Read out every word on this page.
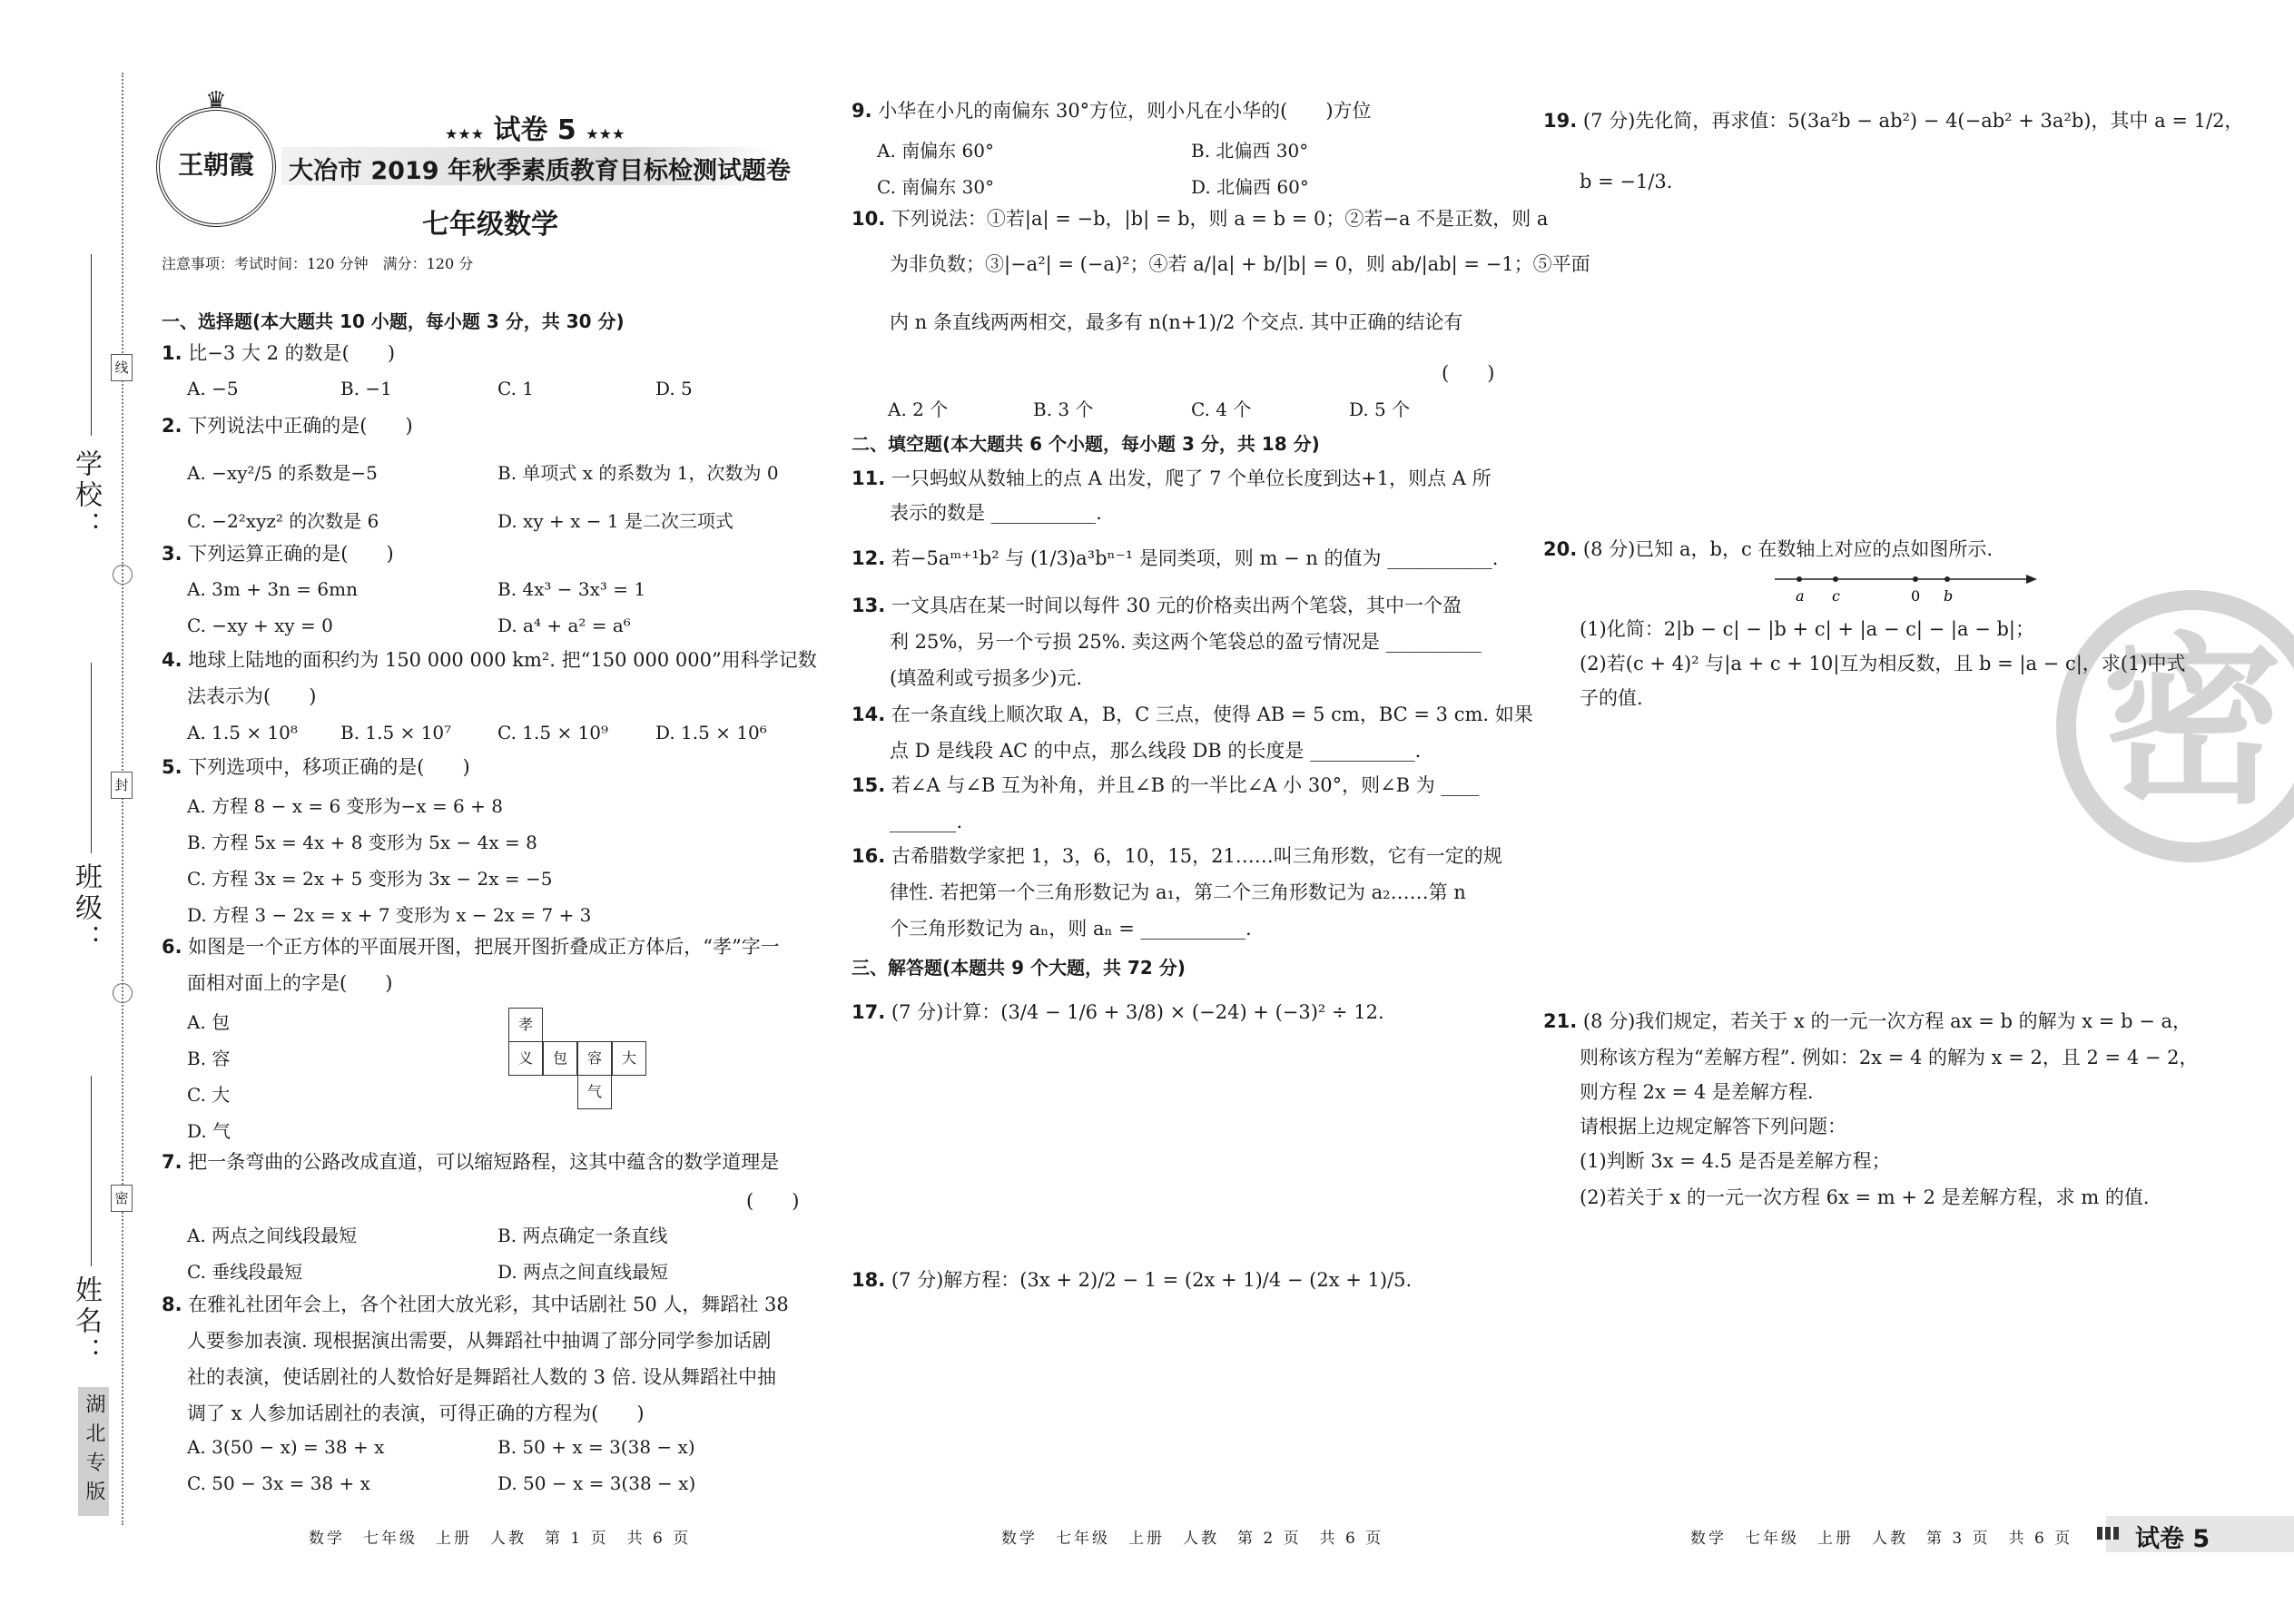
学校：
班级：
姓名：
线
封
密
湖北专版
♛
王朝霞
★★★ 试卷 5 ★★★
大冶市 2019 年秋季素质教育目标检测试题卷
七年级数学
注意事项：考试时间：120 分钟　满分：120 分
一、选择题(本大题共 10 小题，每小题 3 分，共 30 分)
1. 比−3 大 2 的数是(　　)
A. −5	B. −1	C. 1	D. 5
2. 下列说法中正确的是(　　)
A. −xy²/5 的系数是−5	B. 单项式 x 的系数为 1，次数为 0
C. −2²xyz² 的次数是 6	D. xy + x − 1 是二次三项式
3. 下列运算正确的是(　　)
A. 3m + 3n = 6mn	B. 4x³ − 3x³ = 1
C. −xy + xy = 0	D. a⁴ + a² = a⁶
4. 地球上陆地的面积约为 150 000 000 km². 把“150 000 000”用科学记数
法表示为(　　)
A. 1.5 × 10⁸ B. 1.5 × 10⁷	C. 1.5 × 10⁹	D. 1.5 × 10⁶
5. 下列选项中，移项正确的是(　　)
A. 方程 8 − x = 6 变形为−x = 6 + 8
B. 方程 5x = 4x + 8 变形为 5x − 4x = 8
C. 方程 3x = 2x + 5 变形为 3x − 2x = −5
D. 方程 3 − 2x = x + 7 变形为 x − 2x = 7 + 3
6. 如图是一个正方体的平面展开图，把展开图折叠成正方体后，“孝”字一
面相对面上的字是(　　)
A. 包
B. 容
C. 大
D. 气
孝
义	包	容	大
气
7. 把一条弯曲的公路改成直道，可以缩短路程，这其中蕴含的数学道理是
(　　)
A. 两点之间线段最短	B. 两点确定一条直线
C. 垂线段最短	D. 两点之间直线最短
8. 在雅礼社团年会上，各个社团大放光彩，其中话剧社 50 人，舞蹈社 38
人要参加表演. 现根据演出需要，从舞蹈社中抽调了部分同学参加话剧
社的表演，使话剧社的人数恰好是舞蹈社人数的 3 倍. 设从舞蹈社中抽
调了 x 人参加话剧社的表演，可得正确的方程为(　　)
A. 3(50 − x) = 38 + x	B. 50 + x = 3(38 − x)
C. 50 − 3x = 38 + x	D. 50 − x = 3(38 − x)
数学　七年级　上册　人教　第 1 页　共 6 页
9. 小华在小凡的南偏东 30°方位，则小凡在小华的(　　)方位
A. 南偏东 60°	B. 北偏西 30°
C. 南偏东 30°	D. 北偏西 60°
10. 下列说法：①若|a| = −b，|b| = b，则 a = b = 0；②若−a 不是正数，则 a
为非负数；③|−a²| = (−a)²；④若 a/|a| + b/|b| = 0，则 ab/|ab| = −1；⑤平面
内 n 条直线两两相交，最多有 n(n+1)/2 个交点. 其中正确的结论有
(　　)
A. 2 个	B. 3 个	C. 4 个	D. 5 个
二、填空题(本大题共 6 个小题，每小题 3 分，共 18 分)
11. 一只蚂蚁从数轴上的点 A 出发，爬了 7 个单位长度到达+1，则点 A 所
表示的数是 ___________.
12. 若−5aᵐ⁺¹b² 与 (1/3)a³bⁿ⁻¹ 是同类项，则 m − n 的值为 ___________.
13. 一文具店在某一时间以每件 30 元的价格卖出两个笔袋，其中一个盈
利 25%，另一个亏损 25%. 卖这两个笔袋总的盈亏情况是 __________
(填盈利或亏损多少)元.
14. 在一条直线上顺次取 A，B，C 三点，使得 AB = 5 cm，BC = 3 cm. 如果
点 D 是线段 AC 的中点，那么线段 DB 的长度是 ___________.
15. 若∠A 与∠B 互为补角，并且∠B 的一半比∠A 小 30°，则∠B 为 ____
_______.
16. 古希腊数学家把 1，3，6，10，15，21……叫三角形数，它有一定的规
律性. 若把第一个三角形数记为 a₁，第二个三角形数记为 a₂……第 n
个三角形数记为 aₙ，则 aₙ = ___________.
三、解答题(本题共 9 个大题，共 72 分)
17. (7 分)计算：(3/4 − 1/6 + 3/8) × (−24) + (−3)² ÷ 12.
18. (7 分)解方程：(3x + 2)/2 − 1 = (2x + 1)/4 − (2x + 1)/5.
数学　七年级　上册　人教　第 2 页　共 6 页
密
19. (7 分)先化简，再求值：5(3a²b − ab²) − 4(−ab² + 3a²b)，其中 a = 1/2，
b = −1/3.
20. (8 分)已知 a，b，c 在数轴上对应的点如图所示.
a c	0 b
(1)化简：2|b − c| − |b + c| + |a − c| − |a − b|；
(2)若(c + 4)² 与|a + c + 10|互为相反数，且 b = |a − c|，求(1)中式
子的值.
21. (8 分)我们规定，若关于 x 的一元一次方程 ax = b 的解为 x = b − a，
则称该方程为“差解方程”. 例如：2x = 4 的解为 x = 2，且 2 = 4 − 2，
则方程 2x = 4 是差解方程.
请根据上边规定解答下列问题：
(1)判断 3x = 4.5 是否是差解方程；
(2)若关于 x 的一元一次方程 6x = m + 2 是差解方程，求 m 的值.
数学　七年级　上册　人教　第 3 页　共 6 页	试卷 5
